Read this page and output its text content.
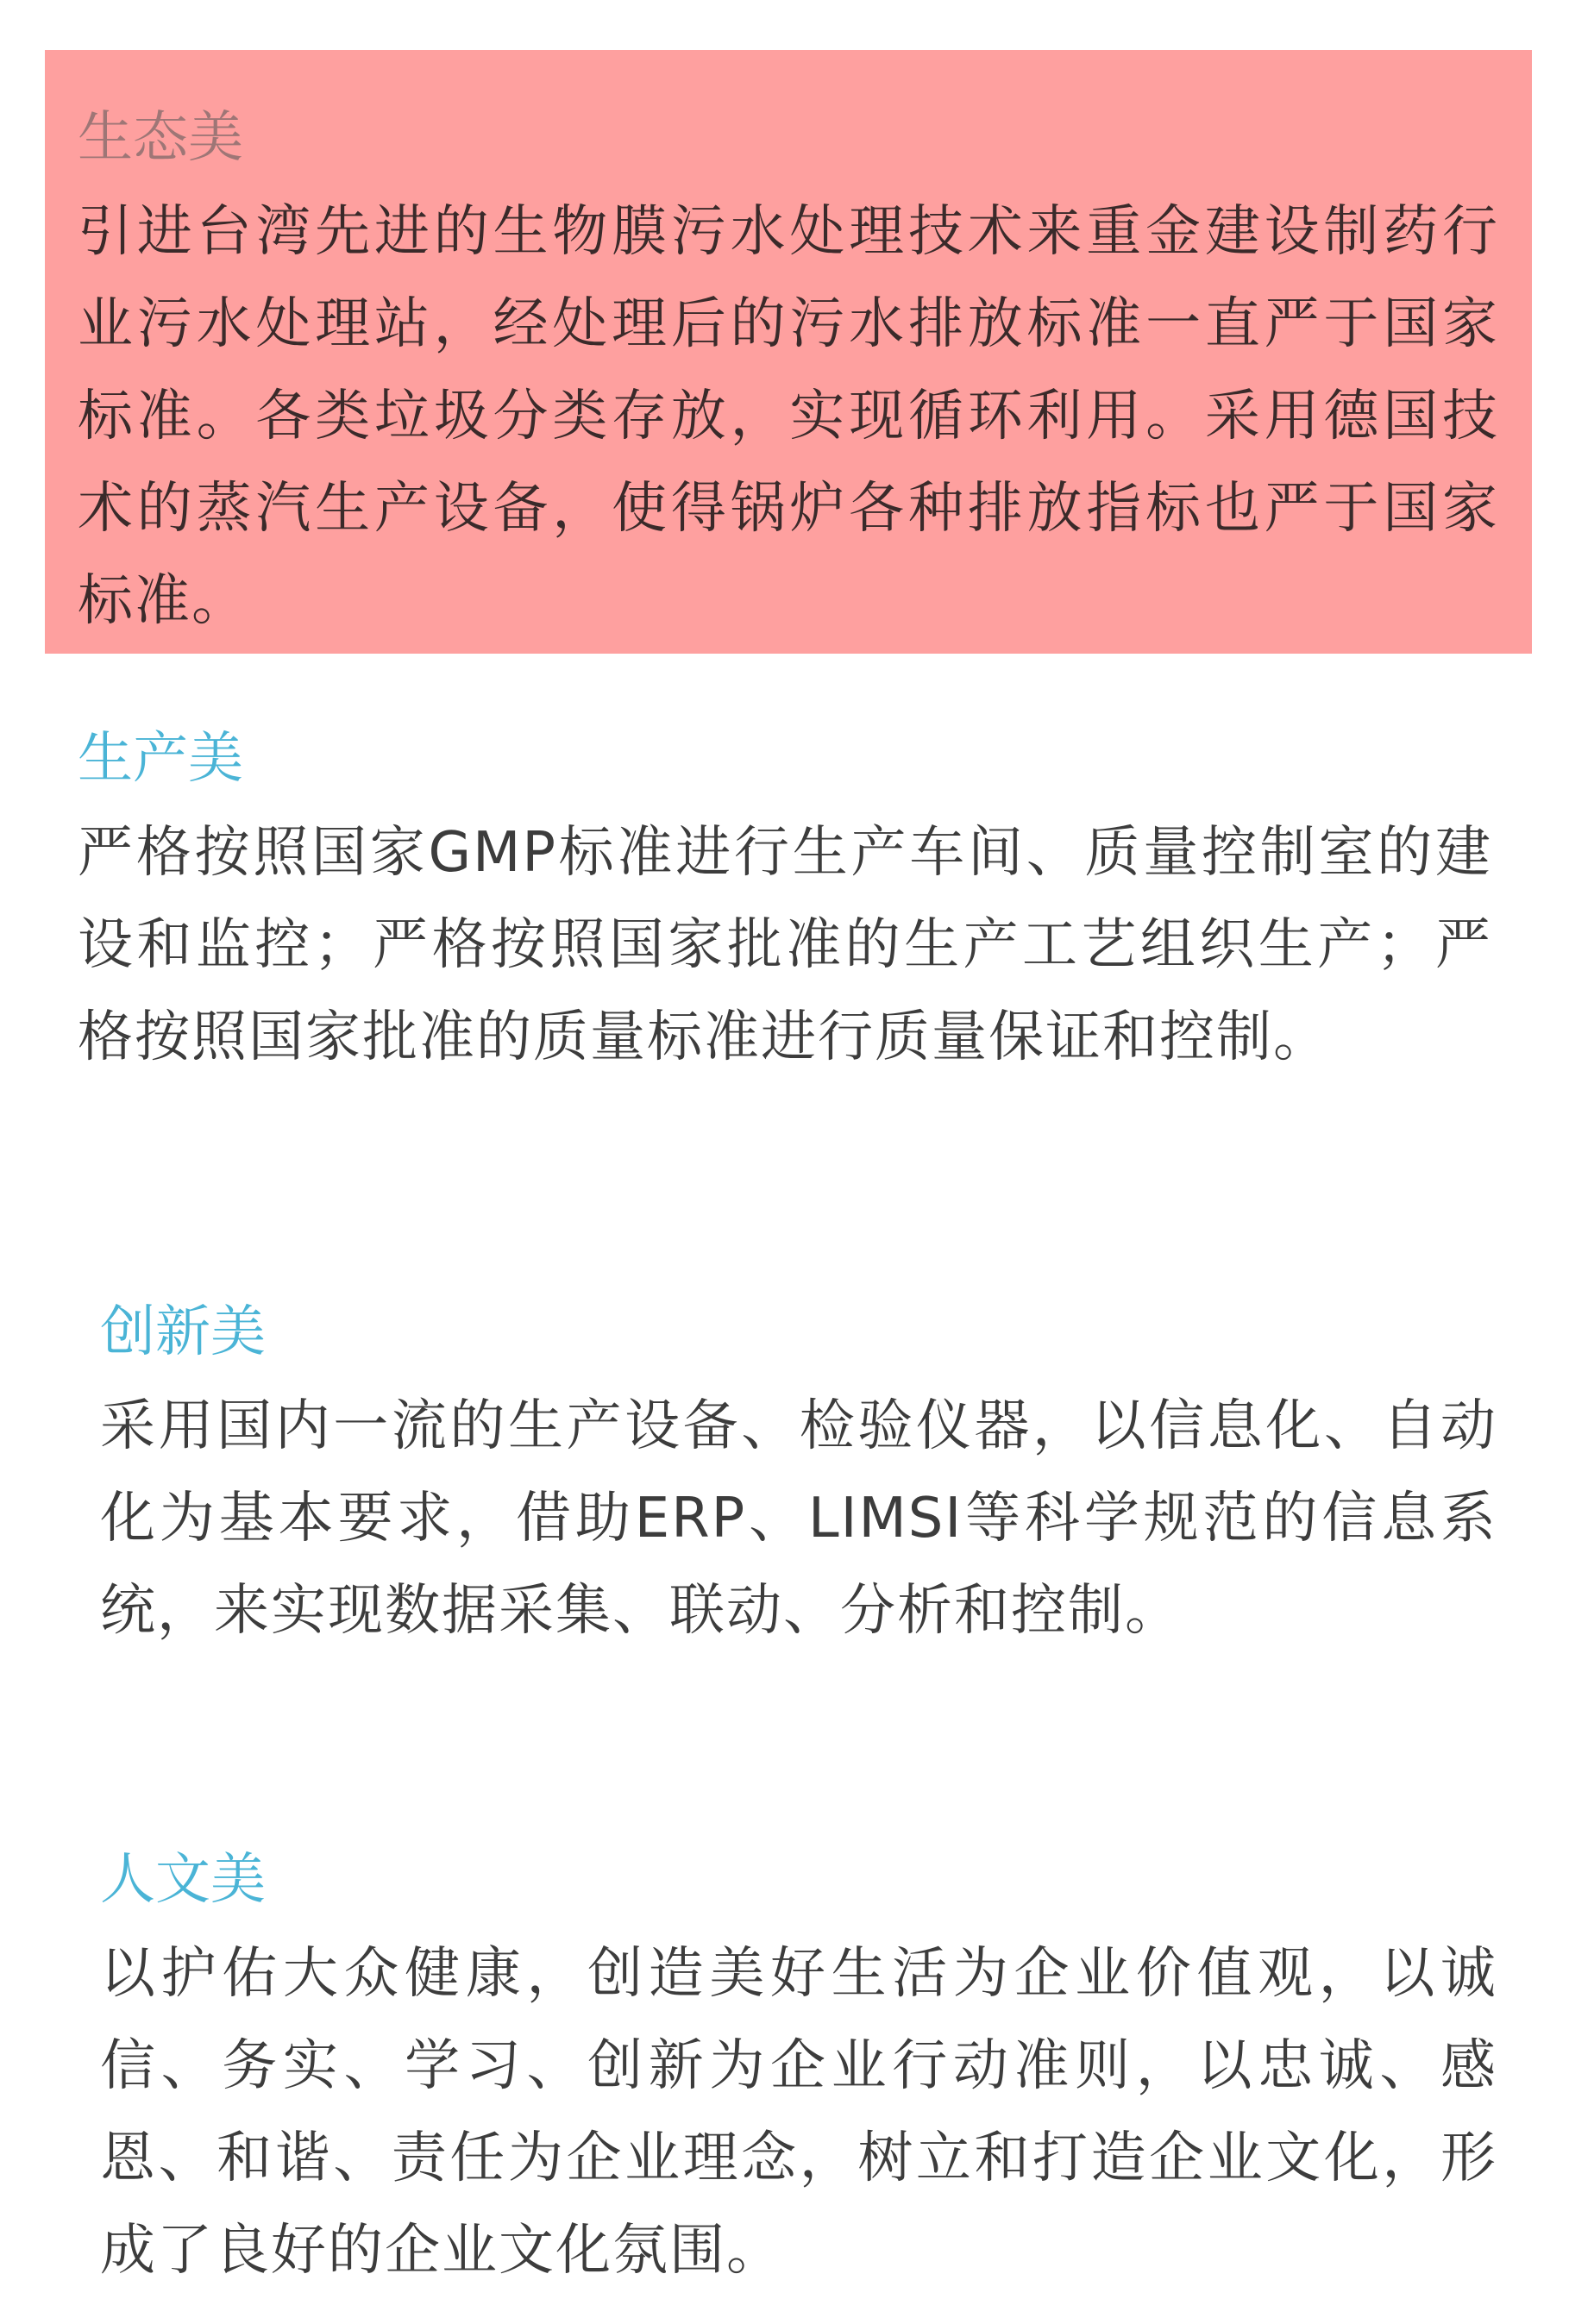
生态美

引进台湾先进的生物膜污水处理技术来重金建设制药行业污水处理站，经处理后的污水排放标准一直严于国家标准。各类垃圾分类存放，实现循环利用。采用德国技术的蒸汽生产设备，使得锅炉各种排放指标也严于国家标准。

生产美

严格按照国家GMP标准进行生产车间、质量控制室的建设和监控；严格按照国家批准的生产工艺组织生产；严格按照国家批准的质量标准进行质量保证和控制。

创新美

采用国内一流的生产设备、检验仪器，以信息化、自动化为基本要求，借助ERP、LIMSI等科学规范的信息系统，来实现数据采集、联动、分析和控制。

人文美

以护佑大众健康，创造美好生活为企业价值观，以诚信、务实、学习、创新为企业行动准则，以忠诚、感恩、和谐、责任为企业理念，树立和打造企业文化，形成了良好的企业文化氛围。
